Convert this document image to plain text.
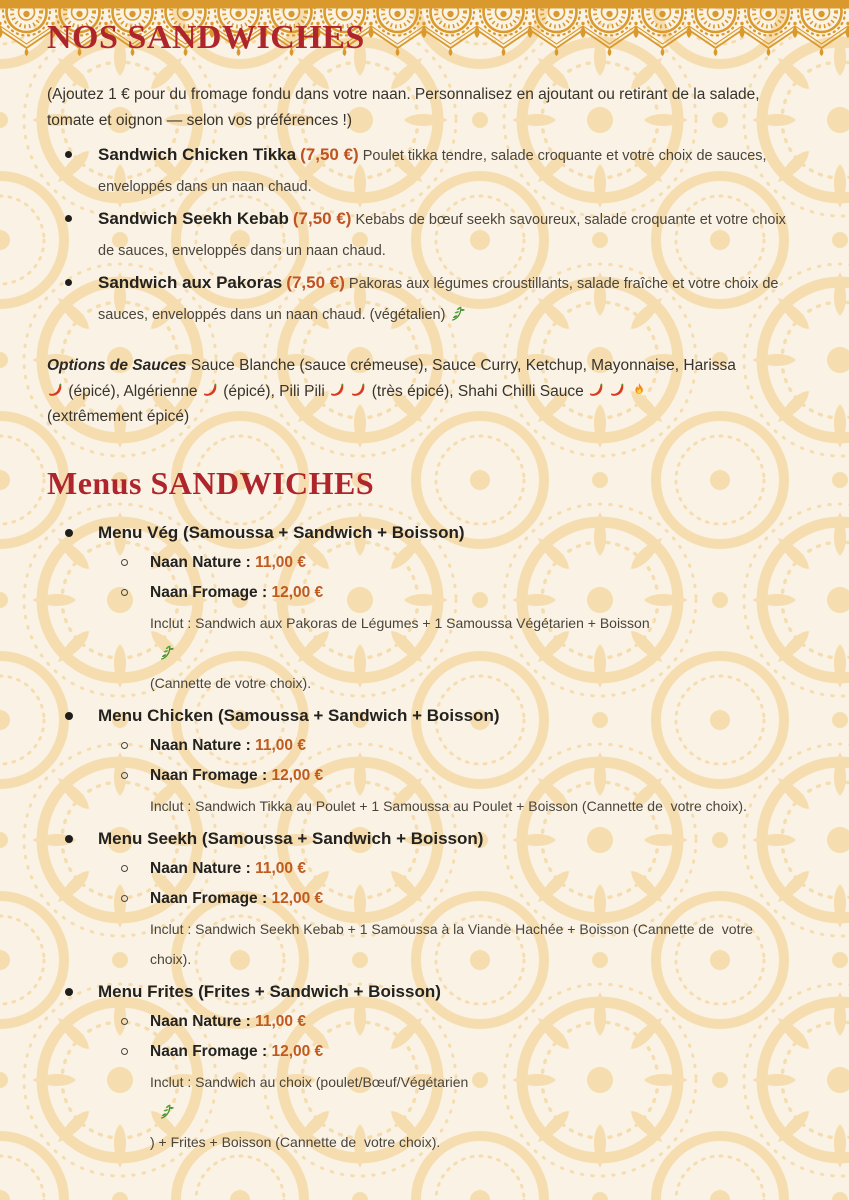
NOS SANDWICHES

(Ajoutez 1 € pour du fromage fondu dans votre naan. Personnalisez en ajoutant ou retirant de la salade, tomate et oignon — selon vos préférences !)

Sandwich Chicken Tikka (7,50 €) Poulet tikka tendre, salade croquante et votre choix de sauces, enveloppés dans un naan chaud.

Sandwich Seekh Kebab (7,50 €) Kebabs de bœuf seekh savoureux, salade croquante et votre choix de sauces, enveloppés dans un naan chaud.

Sandwich aux Pakoras (7,50 €) Pakoras aux légumes croustillants, salade fraîche et votre choix de sauces, enveloppés dans un naan chaud. (végétalien)

Options de Sauces Sauce Blanche (sauce crémeuse), Sauce Curry, Ketchup, Mayonnaise, Harissa  (épicé), Algérienne  (épicé), Pili Pili	(très épicé), Shahi Chilli Sauce    (extrêmement épicé)

Menus SANDWICHES

Menu Vég (Samoussa + Sandwich + Boisson)

Naan Nature : 11,00 €

Naan Fromage : 12,00 €

Inclut : Sandwich aux Pakoras de Légumes + 1 Samoussa Végétarien + Boisson

(Cannette de votre choix).

Menu Chicken (Samoussa + Sandwich + Boisson)

Naan Nature : 11,00 €

Naan Fromage : 12,00 €

Inclut : Sandwich Tikka au Poulet + 1 Samoussa au Poulet + Boisson (Cannette de  votre choix).

Menu Seekh (Samoussa + Sandwich + Boisson)

Naan Nature : 11,00 €

Naan Fromage : 12,00 €

Inclut : Sandwich Seekh Kebab + 1 Samoussa à la Viande Hachée + Boisson (Cannette de  votre choix).

Menu Frites (Frites + Sandwich + Boisson)

Naan Nature : 11,00 €

Naan Fromage : 12,00 €

Inclut : Sandwich au choix (poulet/Bœuf/Végétarien

) + Frites + Boisson (Cannette de  votre choix).
